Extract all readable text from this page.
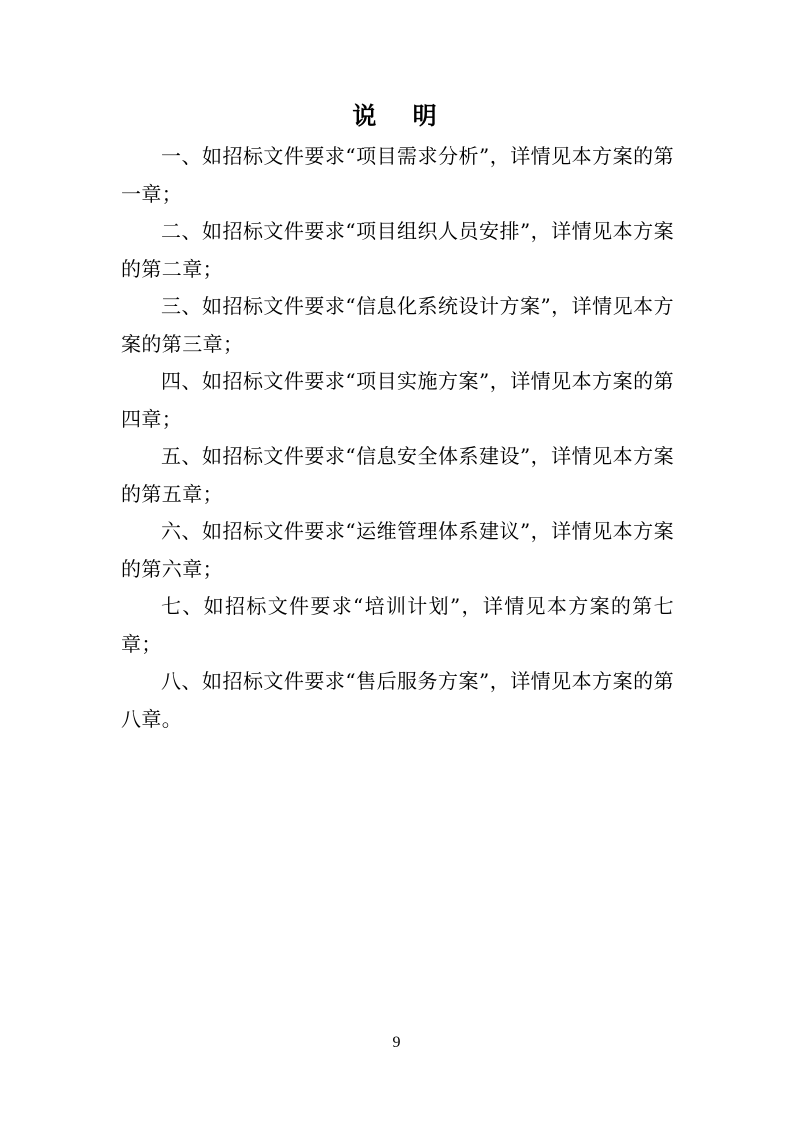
说 明

一、如招标文件要求“项目需求分析”，详情见本方案的第一章；

二、如招标文件要求“项目组织人员安排”，详情见本方案的第二章；

三、如招标文件要求“信息化系统设计方案”，详情见本方案的第三章；

四、如招标文件要求“项目实施方案”，详情见本方案的第四章；

五、如招标文件要求“信息安全体系建设”，详情见本方案的第五章；

六、如招标文件要求“运维管理体系建议”，详情见本方案的第六章；

七、如招标文件要求“培训计划”，详情见本方案的第七章；

八、如招标文件要求“售后服务方案”，详情见本方案的第八章。

9
